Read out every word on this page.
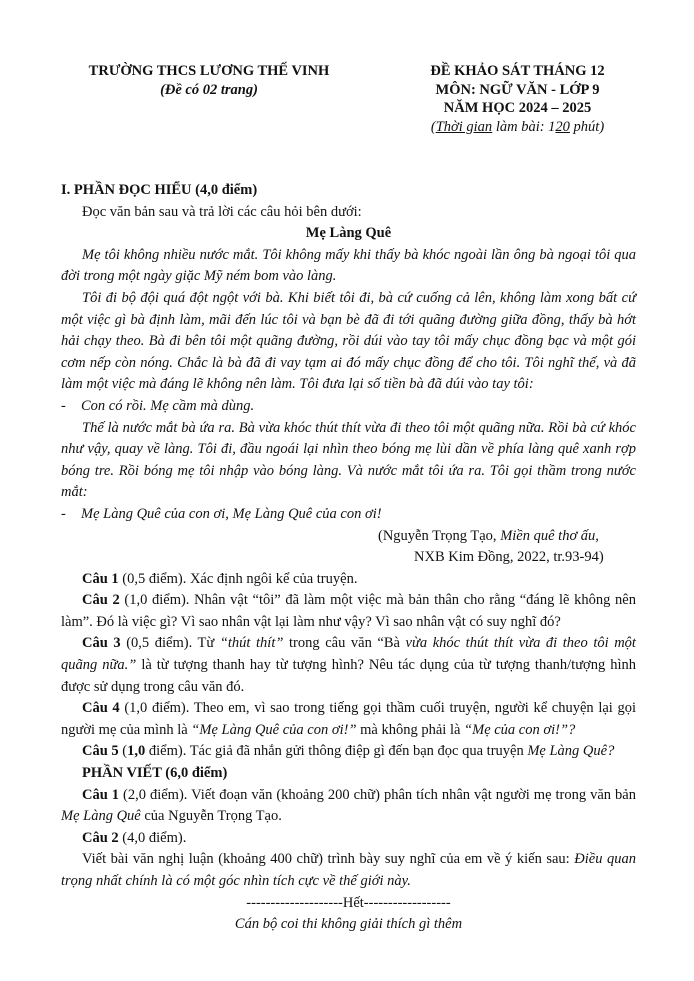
TRƯỜNG THCS LƯƠNG THẾ VINH
(Đề có 02 trang)
ĐỀ KHẢO SÁT THÁNG 12
MÔN: NGỮ VĂN - LỚP 9
NĂM HỌC 2024 – 2025
(Thời gian làm bài: 120 phút)

I. PHẦN ĐỌC HIỂU (4,0 điểm)

Đọc văn bản sau và trả lời các câu hỏi bên dưới:

Mẹ Làng Quê

Mẹ tôi không nhiều nước mắt. Tôi không mấy khi thấy bà khóc ngoài lần ông bà ngoại tôi qua đời trong một ngày giặc Mỹ ném bom vào làng.

Tôi đi bộ đội quá đột ngột với bà. Khi biết tôi đi, bà cứ cuống cả lên, không làm xong bất cứ một việc gì bà định làm, mãi đến lúc tôi và bạn bè đã đi tới quãng đường giữa đồng, thấy bà hớt hải chạy theo. Bà đi bên tôi một quãng đường, rồi dúi vào tay tôi mấy chục đồng bạc và một gói cơm nếp còn nóng. Chắc là bà đã đi vay tạm ai đó mấy chục đồng để cho tôi. Tôi nghĩ thế, và đã làm một việc mà đáng lẽ không nên làm. Tôi đưa lại số tiền bà đã dúi vào tay tôi:

- Con có rồi. Mẹ cầm mà dùng.

Thế là nước mắt bà ứa ra. Bà vừa khóc thút thít vừa đi theo tôi một quãng nữa. Rồi bà cứ khóc như vậy, quay về làng. Tôi đi, đầu ngoái lại nhìn theo bóng mẹ lùi dần về phía làng quê xanh rợp bóng tre. Rồi bóng mẹ tôi nhập vào bóng làng. Và nước mắt tôi ứa ra. Tôi gọi thầm trong nước mắt:

- Mẹ Làng Quê của con ơi, Mẹ Làng Quê của con ơi!

(Nguyễn Trọng Tạo, Miền quê thơ ấu,

NXB Kim Đồng, 2022, tr.93-94)

Câu 1 (0,5 điểm). Xác định ngôi kể của truyện.

Câu 2 (1,0 điểm). Nhân vật “tôi” đã làm một việc mà bản thân cho rằng “đáng lẽ không nên làm”. Đó là việc gì? Vì sao nhân vật lại làm như vậy? Vì sao nhân vật có suy nghĩ đó?

Câu 3 (0,5 điểm). Từ “thút thít” trong câu văn “Bà vừa khóc thút thít vừa đi theo tôi một quãng nữa.” là từ tượng thanh hay từ tượng hình? Nêu tác dụng của từ tượng thanh/tượng hình được sử dụng trong câu văn đó.

Câu 4 (1,0 điểm). Theo em, vì sao trong tiếng gọi thầm cuối truyện, người kể chuyện lại gọi người mẹ của mình là “Mẹ Làng Quê của con ơi!” mà không phải là “Mẹ của con ơi!”?

Câu 5 (1,0 điểm). Tác giả đã nhắn gửi thông điệp gì đến bạn đọc qua truyện Mẹ Làng Quê?

PHẦN VIẾT (6,0 điểm)

Câu 1 (2,0 điểm). Viết đoạn văn (khoảng 200 chữ) phân tích nhân vật người mẹ trong văn bản Mẹ Làng Quê của Nguyễn Trọng Tạo.

Câu 2 (4,0 điểm).

Viết bài văn nghị luận (khoảng 400 chữ) trình bày suy nghĩ của em về ý kiến sau: Điều quan trọng nhất chính là có một góc nhìn tích cực về thế giới này.

--------------------Hết------------------

Cán bộ coi thi không giải thích gì thêm
